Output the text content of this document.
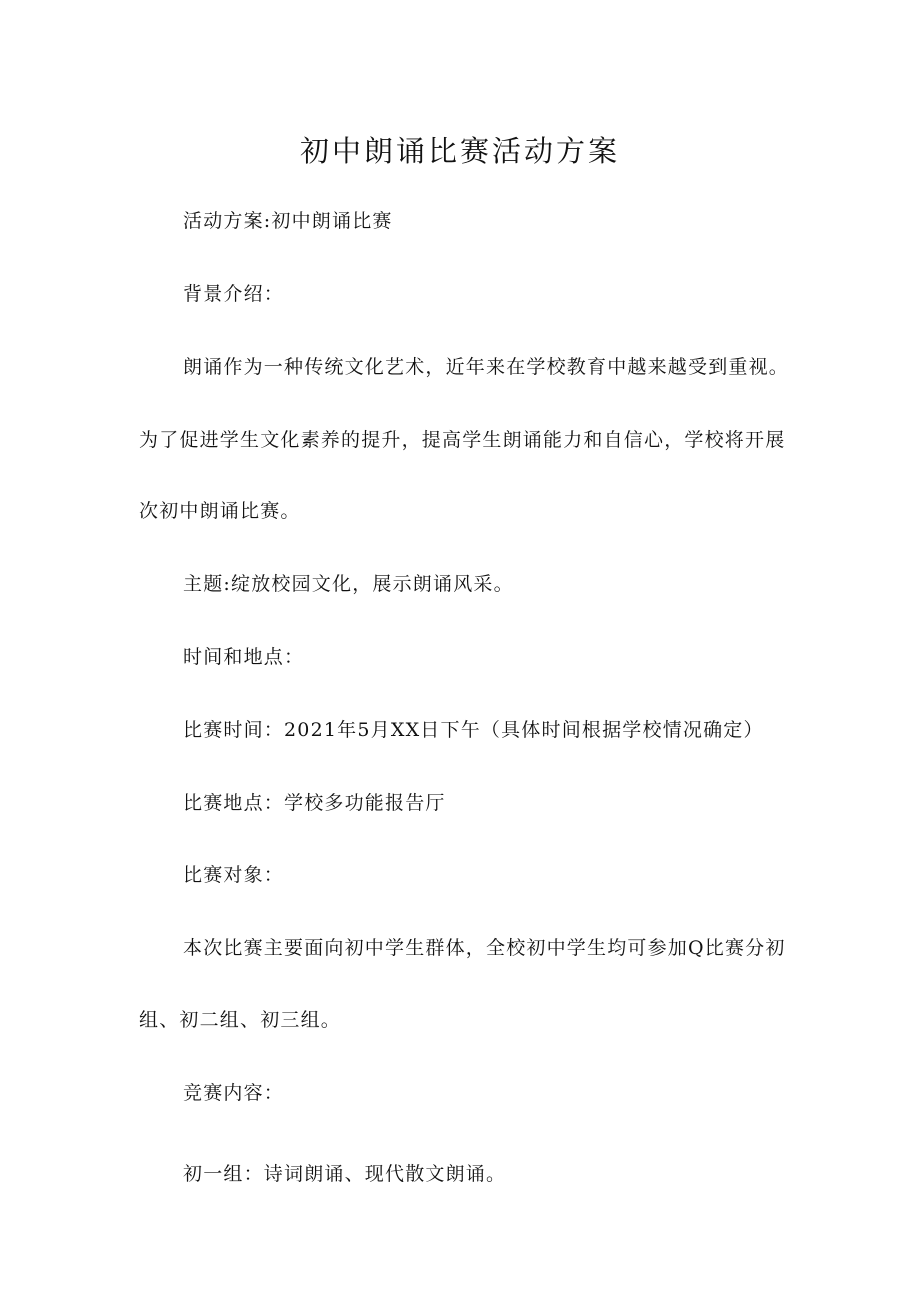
初中朗诵比赛活动方案
活动方案:初中朗诵比赛
背景介绍：
朗诵作为一种传统文化艺术，近年来在学校教育中越来越受到重视。
为了促进学生文化素养的提升，提高学生朗诵能力和自信心，学校将开展
次初中朗诵比赛。
主题:绽放校园文化，展示朗诵风采。
时间和地点：
比赛时间：2021年5月XX日下午（具体时间根据学校情况确定）
比赛地点：学校多功能报告厅
比赛对象：
本次比赛主要面向初中学生群体，全校初中学生均可参加Q比赛分初
组、初二组、初三组。
竞赛内容：
初一组：诗词朗诵、现代散文朗诵。
